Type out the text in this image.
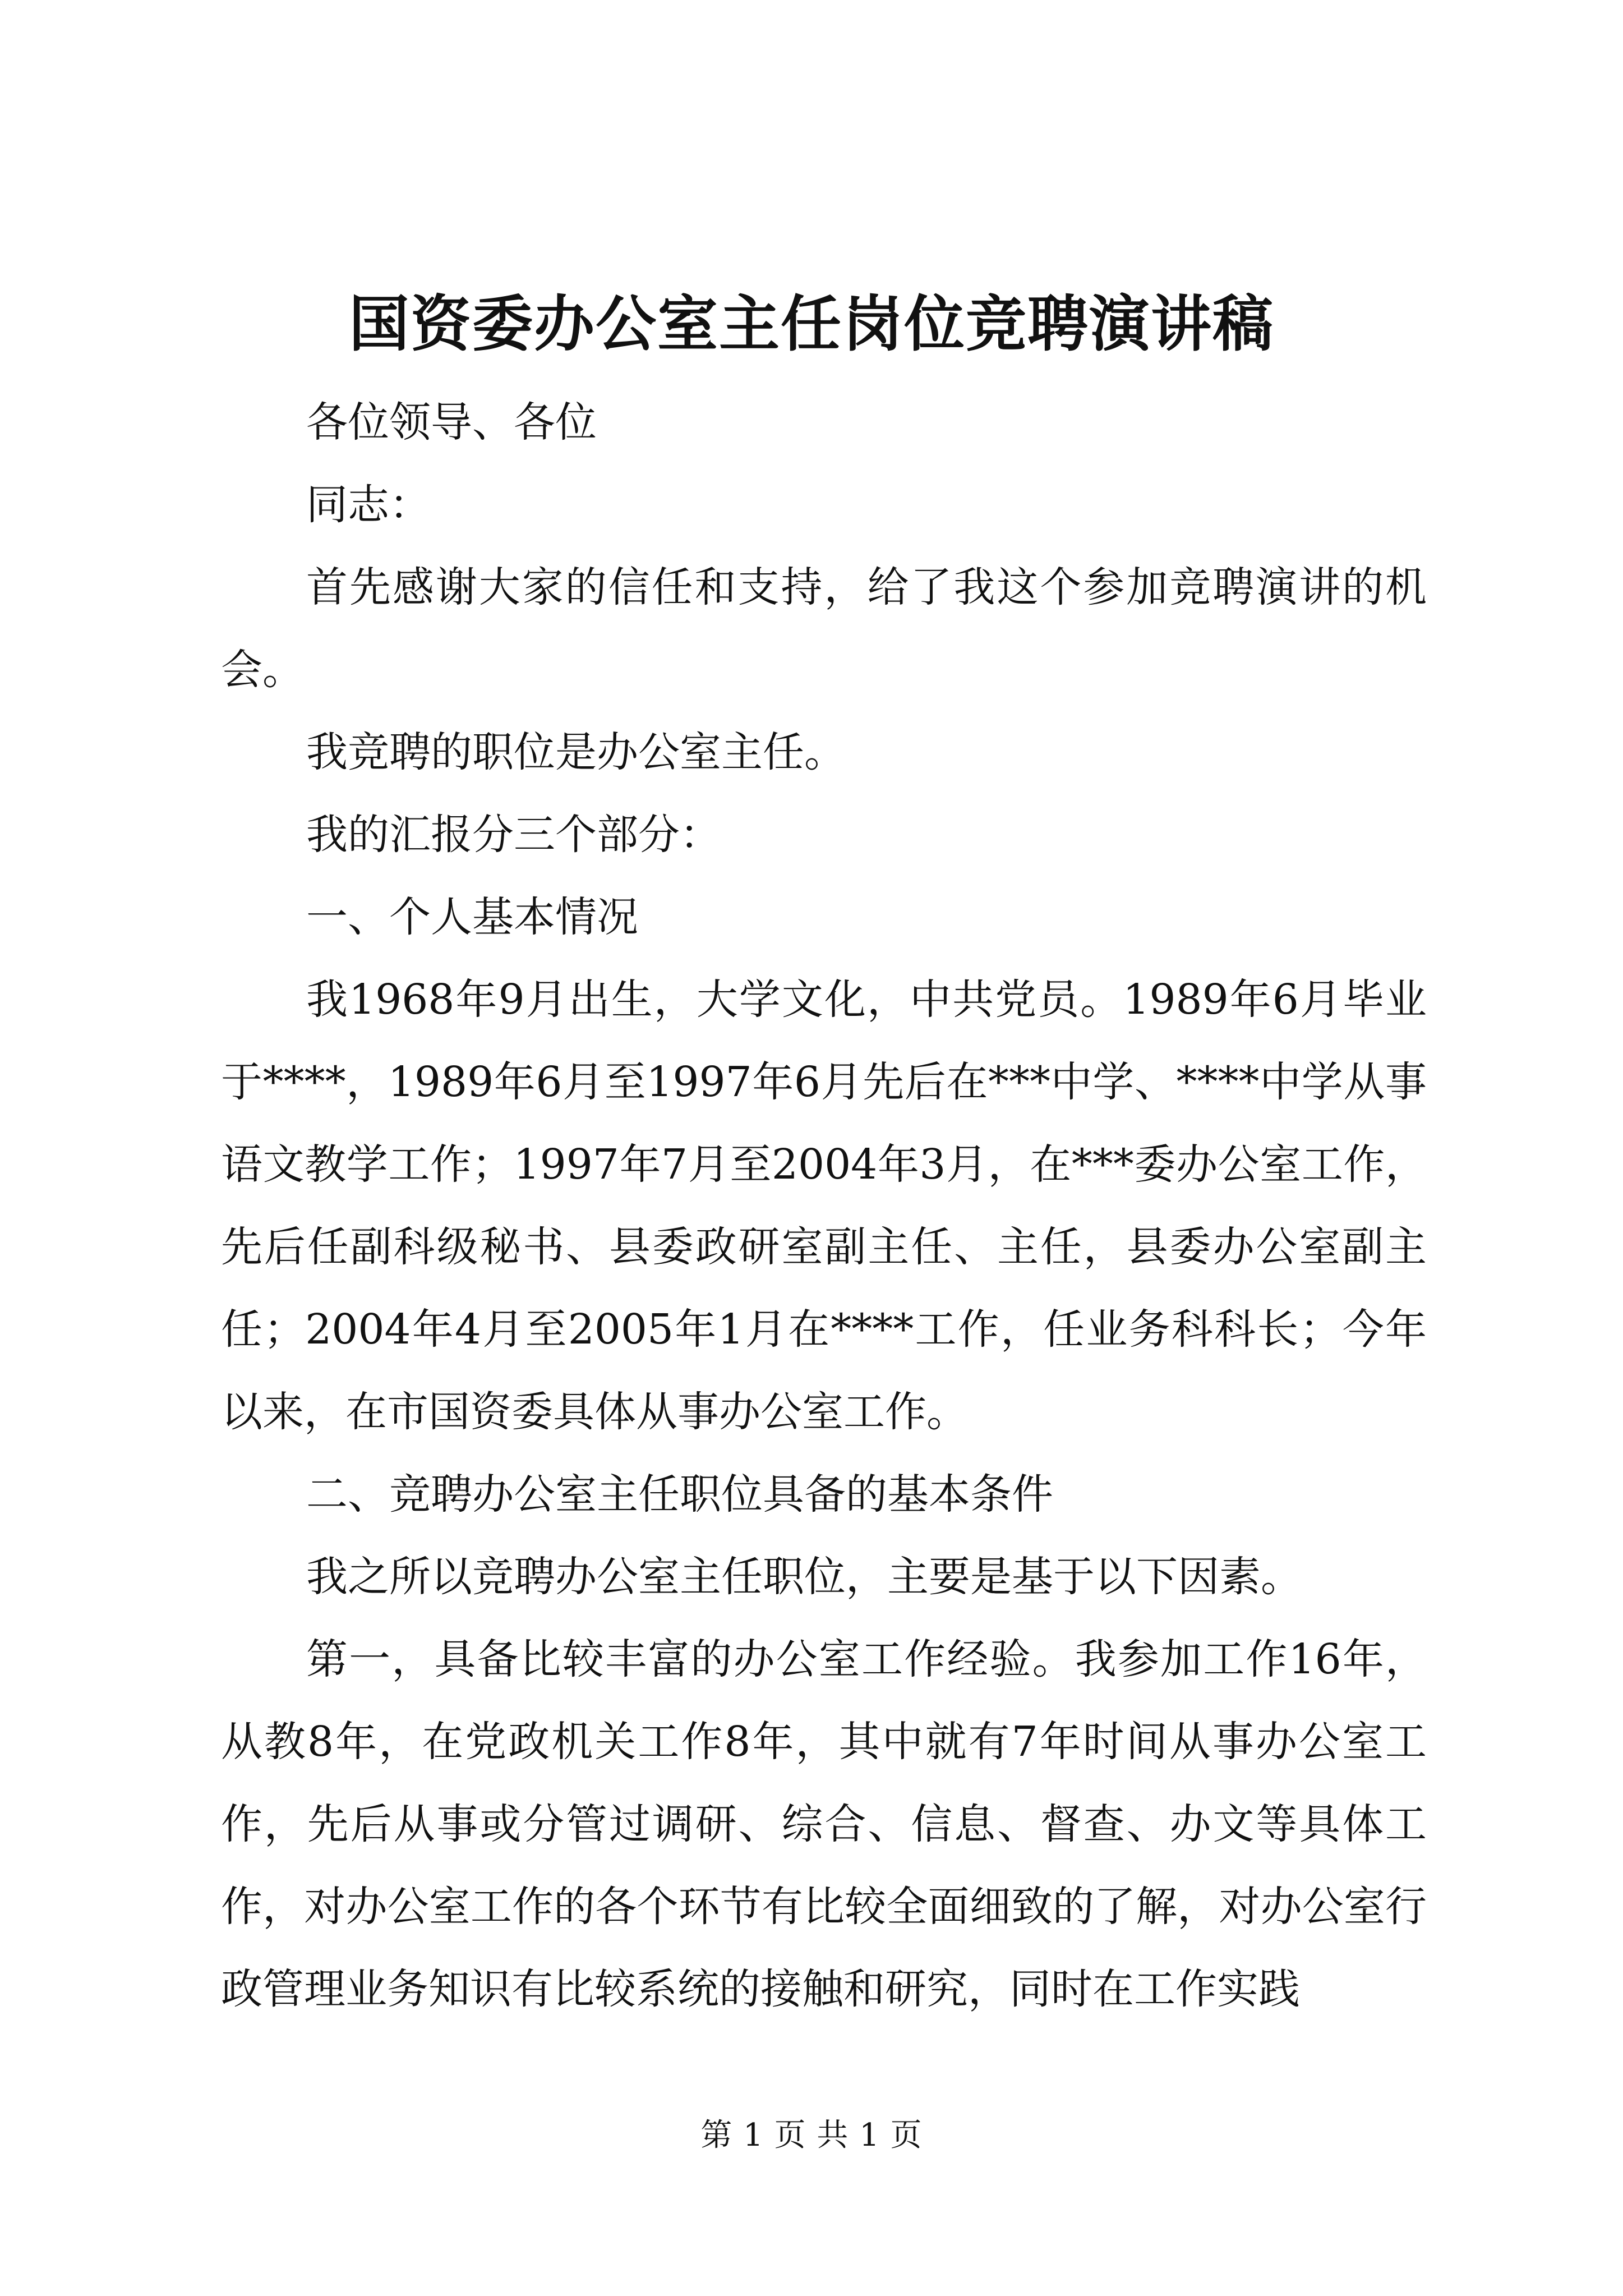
国资委办公室主任岗位竞聘演讲稿

各位领导、各位

同志：

首先感谢大家的信任和支持，给了我这个参加竞聘演讲的机会。

我竞聘的职位是办公室主任。

我的汇报分三个部分：

一、个人基本情况

我1968年9月出生，大学文化，中共党员。1989年6月毕业于****，1989年6月至1997年6月先后在***中学、****中学从事语文教学工作；1997年7月至2004年3月，在***委办公室工作，先后任副科级秘书、县委政研室副主任、主任，县委办公室副主任；2004年4月至2005年1月在****工作，任业务科科长；今年以来，在市国资委具体从事办公室工作。

二、竞聘办公室主任职位具备的基本条件

我之所以竞聘办公室主任职位，主要是基于以下因素。

第一，具备比较丰富的办公室工作经验。我参加工作16年，从教8年，在党政机关工作8年，其中就有7年时间从事办公室工作，先后从事或分管过调研、综合、信息、督查、办文等具体工作，对办公室工作的各个环节有比较全面细致的了解，对办公室行政管理业务知识有比较系统的接触和研究，同时在工作实践

第 1 页 共 1 页
